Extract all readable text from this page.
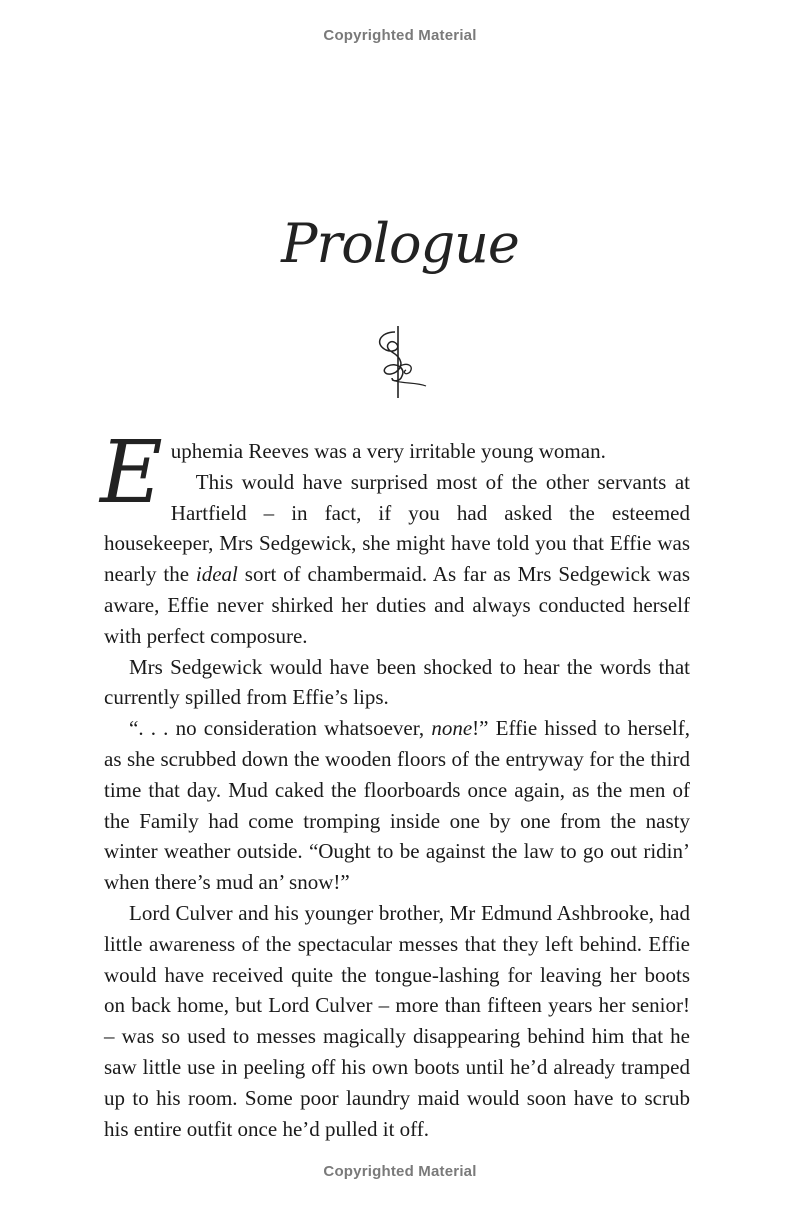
Copyrighted Material
Prologue

Euphemia Reeves was a very irritable young woman.
This would have surprised most of the other servants at Hartfield – in fact, if you had asked the esteemed housekeeper, Mrs Sedgewick, she might have told you that Effie was nearly the ideal sort of chambermaid. As far as Mrs Sedgewick was aware, Effie never shirked her duties and always conducted herself with perfect composure.

Mrs Sedgewick would have been shocked to hear the words that currently spilled from Effie’s lips.

“. . . no consideration whatsoever, none!” Effie hissed to herself, as she scrubbed down the wooden floors of the entryway for the third time that day. Mud caked the floorboards once again, as the men of the Family had come tromping inside one by one from the nasty winter weather outside. “Ought to be against the law to go out ridin’ when there’s mud an’ snow!”

Lord Culver and his younger brother, Mr Edmund Ashbrooke, had little awareness of the spectacular messes that they left behind. Effie would have received quite the tongue-lashing for leaving her boots on back home, but Lord Culver – more than fifteen years her senior! – was so used to messes magically disappearing behind him that he saw little use in peeling off his own boots until he’d already tramped up to his room. Some poor laundry maid would soon have to scrub his entire outfit once he’d pulled it off.

Copyrighted Material
